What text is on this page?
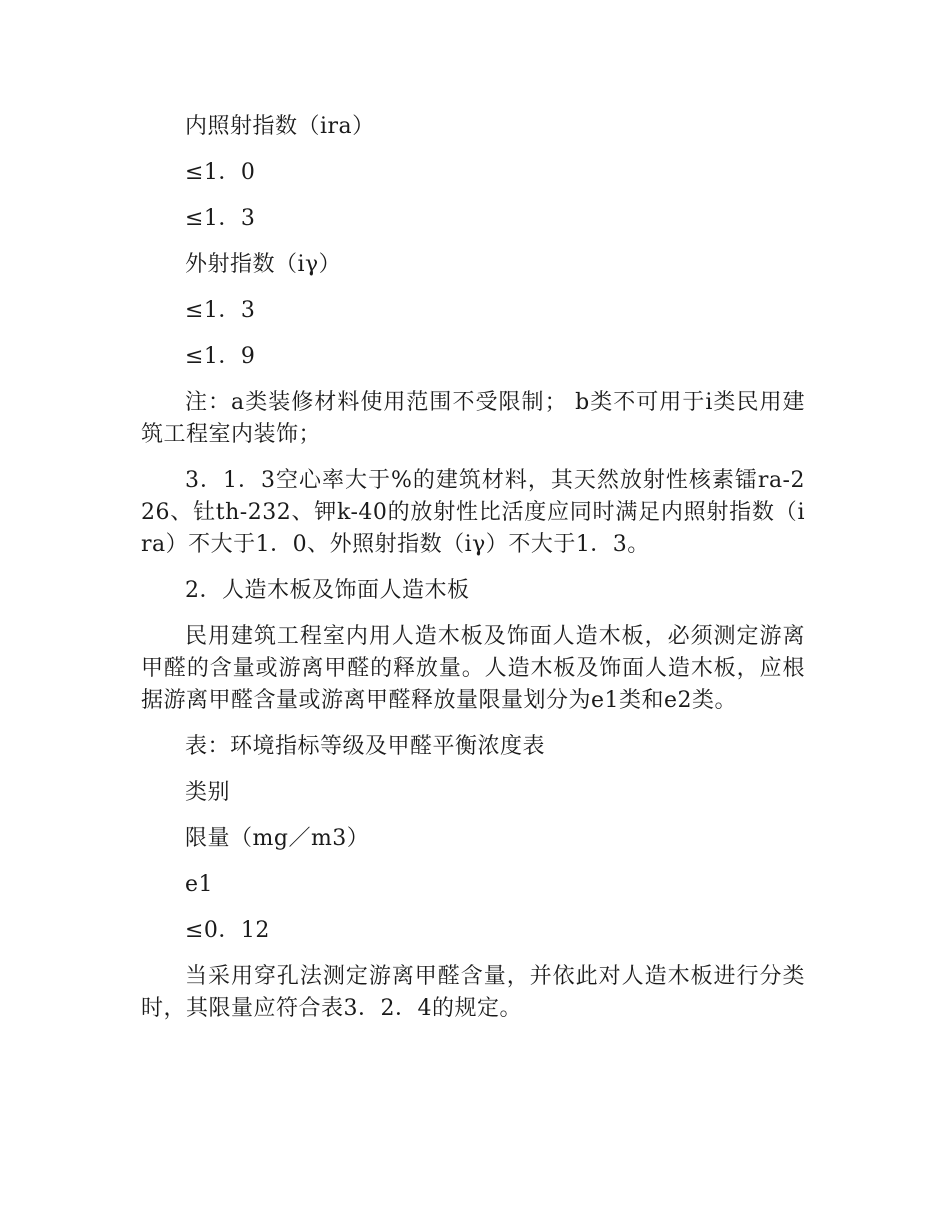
内照射指数（ira）

≤1．0

≤1．3

外射指数（iγ）

≤1．3

≤1．9

注：a类装修材料使用范围不受限制； b类不可用于i类民用建筑工程室内装饰；

3．1．3空心率大于%的建筑材料，其天然放射性核素镭ra-226、钍th-232、钾k-40的放射性比活度应同时满足内照射指数（ira）不大于1．0、外照射指数（iγ）不大于1．3。

2．人造木板及饰面人造木板

民用建筑工程室内用人造木板及饰面人造木板，必须测定游离甲醛的含量或游离甲醛的释放量。人造木板及饰面人造木板，应根据游离甲醛含量或游离甲醛释放量限量划分为e1类和e2类。

表：环境指标等级及甲醛平衡浓度表

类别

限量（mg／m3）

e1

≤0．12

当采用穿孔法测定游离甲醛含量，并依此对人造木板进行分类时，其限量应符合表3．2．4的规定。
